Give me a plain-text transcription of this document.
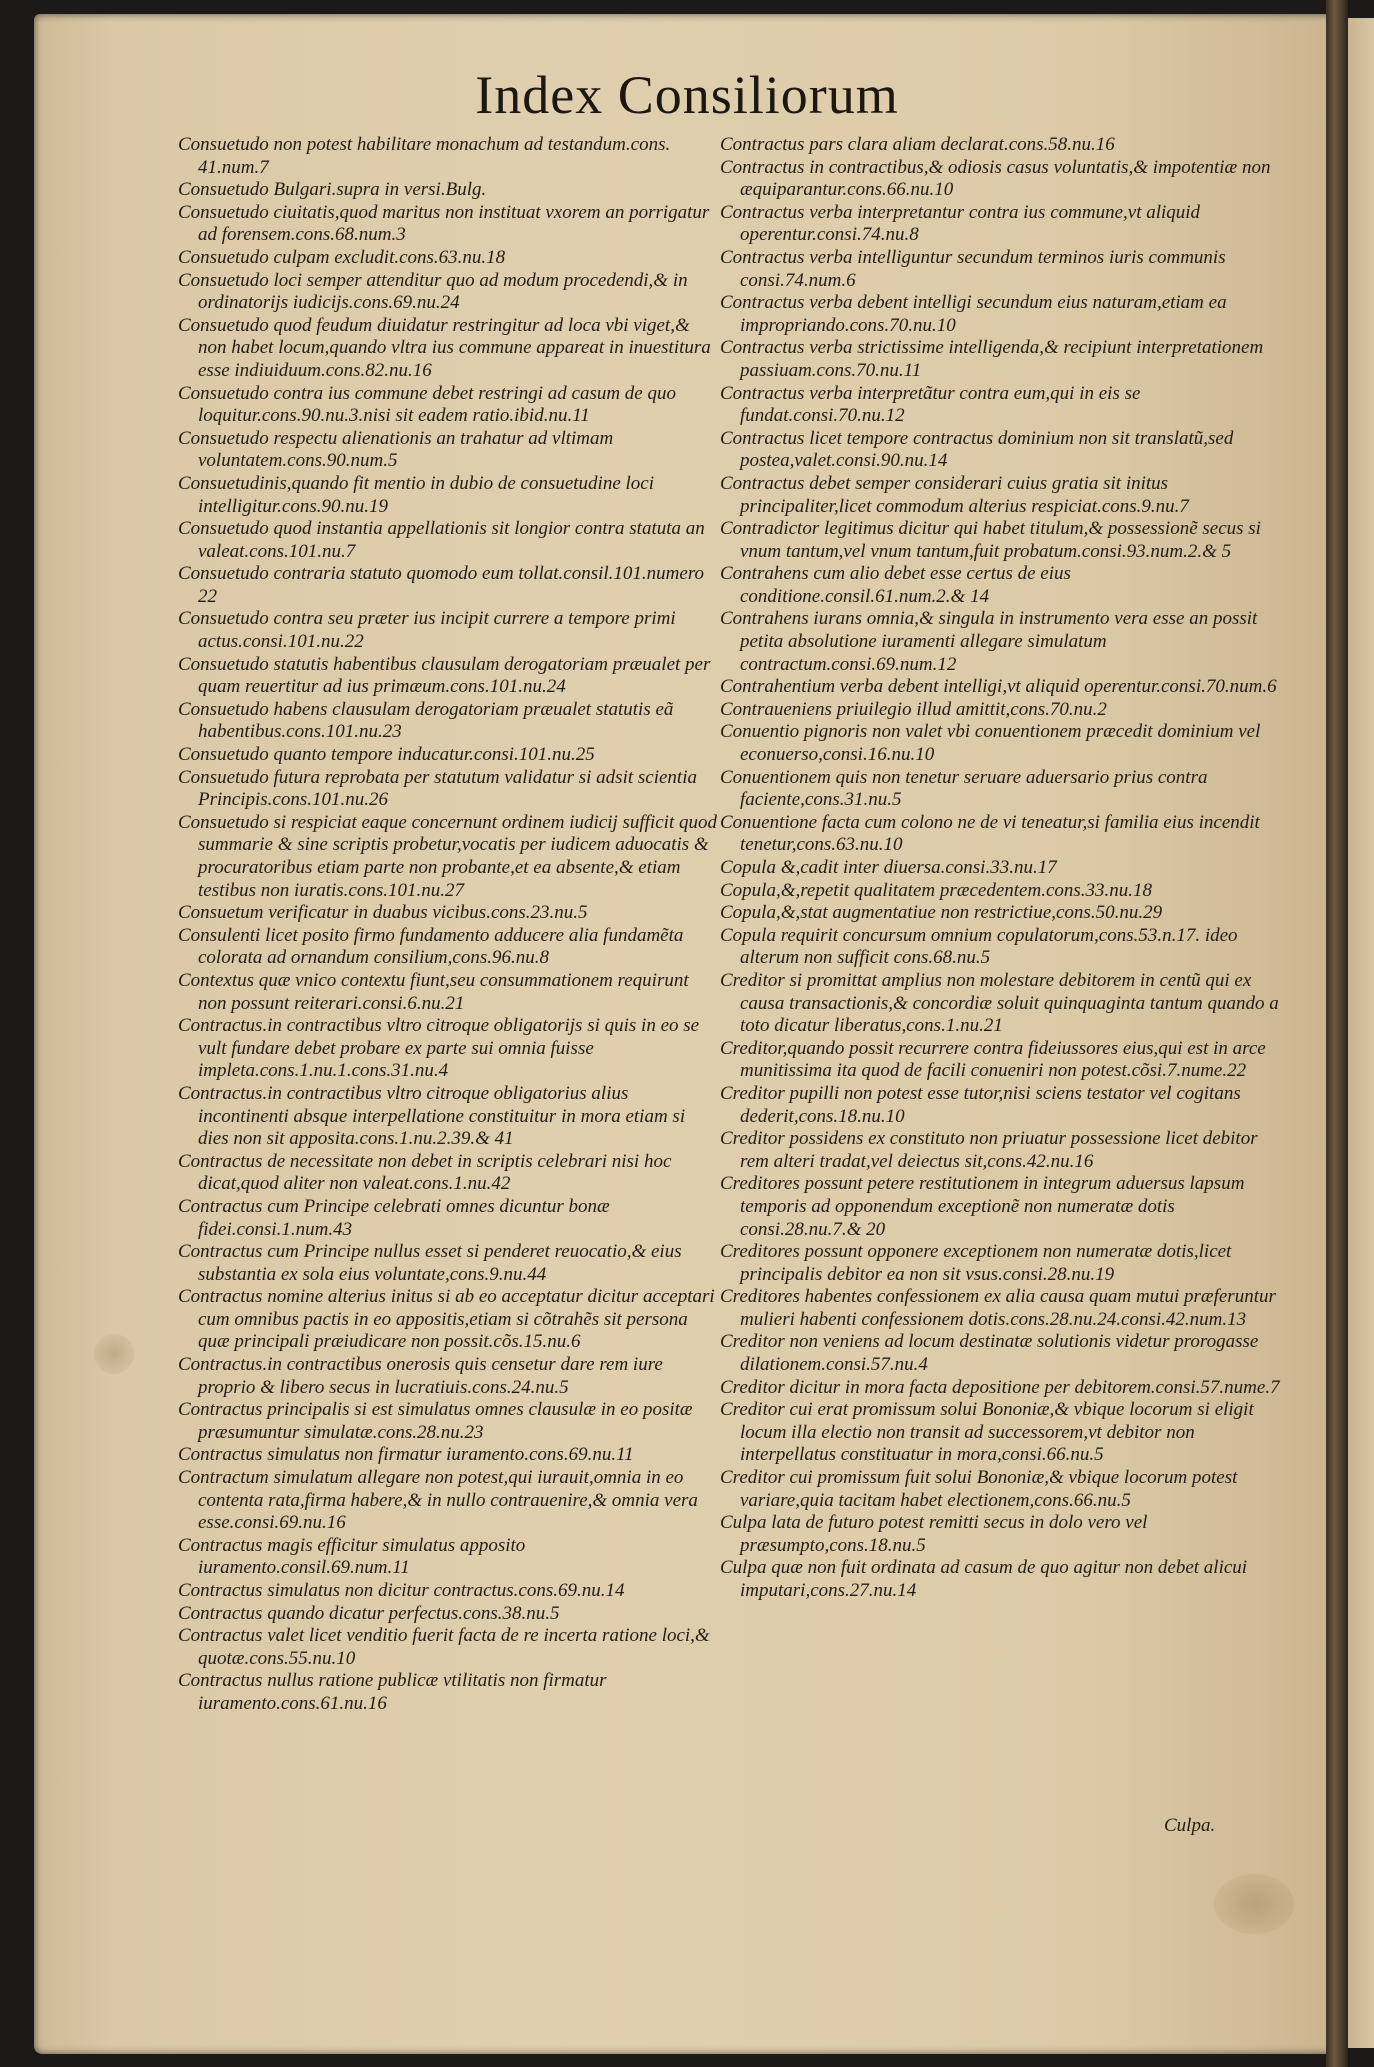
Index Consiliorum

Consuetudo non potest habilitare monachum ad testandum.cons. 41.num.7

Consuetudo Bulgari.supra in versi.Bulg.

Consuetudo ciuitatis,quod maritus non instituat vxorem an porrigatur ad forensem.cons.68.num.3

Consuetudo culpam excludit.cons.63.nu.18

Consuetudo loci semper attenditur quo ad modum procedendi,& in ordinatorijs iudicijs.cons.69.nu.24

Consuetudo quod feudum diuidatur restringitur ad loca vbi viget,& non habet locum,quando vltra ius commune appareat in inuestitura esse indiuiduum.cons.82.nu.16

Consuetudo contra ius commune debet restringi ad casum de quo loquitur.cons.90.nu.3.nisi sit eadem ratio.ibid.nu.11

Consuetudo respectu alienationis an trahatur ad vltimam voluntatem.cons.90.num.5

Consuetudinis,quando fit mentio in dubio de consuetudine loci intelligitur.cons.90.nu.19

Consuetudo quod instantia appellationis sit longior contra statuta an valeat.cons.101.nu.7

Consuetudo contraria statuto quomodo eum tollat.consil.101.numero 22

Consuetudo contra seu præter ius incipit currere a tempore primi actus.consi.101.nu.22

Consuetudo statutis habentibus clausulam derogatoriam præualet per quam reuertitur ad ius primæum.cons.101.nu.24

Consuetudo habens clausulam derogatoriam præualet statutis eã habentibus.cons.101.nu.23

Consuetudo quanto tempore inducatur.consi.101.nu.25

Consuetudo futura reprobata per statutum validatur si adsit scientia Principis.cons.101.nu.26

Consuetudo si respiciat eaque concernunt ordinem iudicij sufficit quod summarie & sine scriptis probetur,vocatis per iudicem aduocatis & procuratoribus etiam parte non probante,et ea absente,& etiam testibus non iuratis.cons.101.nu.27

Consuetum verificatur in duabus vicibus.cons.23.nu.5

Consulenti licet posito firmo fundamento adducere alia fundamẽta colorata ad ornandum consilium,cons.96.nu.8

Contextus quæ vnico contextu fiunt,seu consummationem requirunt non possunt reiterari.consi.6.nu.21

Contractus.in contractibus vltro citroque obligatorijs si quis in eo se vult fundare debet probare ex parte sui omnia fuisse impleta.cons.1.nu.1.cons.31.nu.4

Contractus.in contractibus vltro citroque obligatorius alius incontinenti absque interpellatione constituitur in mora etiam si dies non sit apposita.cons.1.nu.2.39.& 41

Contractus de necessitate non debet in scriptis celebrari nisi hoc dicat,quod aliter non valeat.cons.1.nu.42

Contractus cum Principe celebrati omnes dicuntur bonæ fidei.consi.1.num.43

Contractus cum Principe nullus esset si penderet reuocatio,& eius substantia ex sola eius voluntate,cons.9.nu.44

Contractus nomine alterius initus si ab eo acceptatur dicitur acceptari cum omnibus pactis in eo appositis,etiam si cõtrahẽs sit persona quæ principali præiudicare non possit.cõs.15.nu.6

Contractus.in contractibus onerosis quis censetur dare rem iure proprio & libero secus in lucratiuis.cons.24.nu.5

Contractus principalis si est simulatus omnes clausulæ in eo positæ præsumuntur simulatæ.cons.28.nu.23

Contractus simulatus non firmatur iuramento.cons.69.nu.11

Contractum simulatum allegare non potest,qui iurauit,omnia in eo contenta rata,firma habere,& in nullo contrauenire,& omnia vera esse.consi.69.nu.16

Contractus magis efficitur simulatus apposito iuramento.consil.69.num.11

Contractus simulatus non dicitur contractus.cons.69.nu.14

Contractus quando dicatur perfectus.cons.38.nu.5

Contractus valet licet venditio fuerit facta de re incerta ratione loci,& quotæ.cons.55.nu.10

Contractus nullus ratione publicæ vtilitatis non firmatur iuramento.cons.61.nu.16

Contractus pars clara aliam declarat.cons.58.nu.16

Contractus in contractibus,& odiosis casus voluntatis,& impotentiæ non æquiparantur.cons.66.nu.10

Contractus verba interpretantur contra ius commune,vt aliquid operentur.consi.74.nu.8

Contractus verba intelliguntur secundum terminos iuris communis consi.74.num.6

Contractus verba debent intelligi secundum eius naturam,etiam ea impropriando.cons.70.nu.10

Contractus verba strictissime intelligenda,& recipiunt interpretationem passiuam.cons.70.nu.11

Contractus verba interpretãtur contra eum,qui in eis se fundat.consi.70.nu.12

Contractus licet tempore contractus dominium non sit translatũ,sed postea,valet.consi.90.nu.14

Contractus debet semper considerari cuius gratia sit initus principaliter,licet commodum alterius respiciat.cons.9.nu.7

Contradictor legitimus dicitur qui habet titulum,& possessionẽ secus si vnum tantum,vel vnum tantum,fuit probatum.consi.93.num.2.& 5

Contrahens cum alio debet esse certus de eius conditione.consil.61.num.2.& 14

Contrahens iurans omnia,& singula in instrumento vera esse an possit petita absolutione iuramenti allegare simulatum contractum.consi.69.num.12

Contrahentium verba debent intelligi,vt aliquid operentur.consi.70.num.6

Contraueniens priuilegio illud amittit,cons.70.nu.2

Conuentio pignoris non valet vbi conuentionem præcedit dominium vel econuerso,consi.16.nu.10

Conuentionem quis non tenetur seruare aduersario prius contra faciente,cons.31.nu.5

Conuentione facta cum colono ne de vi teneatur,si familia eius incendit tenetur,cons.63.nu.10

Copula &,cadit inter diuersa.consi.33.nu.17

Copula,&,repetit qualitatem præcedentem.cons.33.nu.18

Copula,&,stat augmentatiue non restrictiue,cons.50.nu.29

Copula requirit concursum omnium copulatorum,cons.53.n.17. ideo alterum non sufficit cons.68.nu.5

Creditor si promittat amplius non molestare debitorem in centũ qui ex causa transactionis,& concordiæ soluit quinquaginta tantum quando a toto dicatur liberatus,cons.1.nu.21

Creditor,quando possit recurrere contra fideiussores eius,qui est in arce munitissima ita quod de facili conueniri non potest.cõsi.7.nume.22

Creditor pupilli non potest esse tutor,nisi sciens testator vel cogitans dederit,cons.18.nu.10

Creditor possidens ex constituto non priuatur possessione licet debitor rem alteri tradat,vel deiectus sit,cons.42.nu.16

Creditores possunt petere restitutionem in integrum aduersus lapsum temporis ad opponendum exceptionẽ non numeratæ dotis consi.28.nu.7.& 20

Creditores possunt opponere exceptionem non numeratæ dotis,licet principalis debitor ea non sit vsus.consi.28.nu.19

Creditores habentes confessionem ex alia causa quam mutui præferuntur mulieri habenti confessionem dotis.cons.28.nu.24.consi.42.num.13

Creditor non veniens ad locum destinatæ solutionis videtur prorogasse dilationem.consi.57.nu.4

Creditor dicitur in mora facta depositione per debitorem.consi.57.nume.7

Creditor cui erat promissum solui Bononiæ,& vbique locorum si eligit locum illa electio non transit ad successorem,vt debitor non interpellatus constituatur in mora,consi.66.nu.5

Creditor cui promissum fuit solui Bononiæ,& vbique locorum potest variare,quia tacitam habet electionem,cons.66.nu.5

Culpa lata de futuro potest remitti secus in dolo vero vel præsumpto,cons.18.nu.5

Culpa quæ non fuit ordinata ad casum de quo agitur non debet alicui imputari,cons.27.nu.14

Culpa.
